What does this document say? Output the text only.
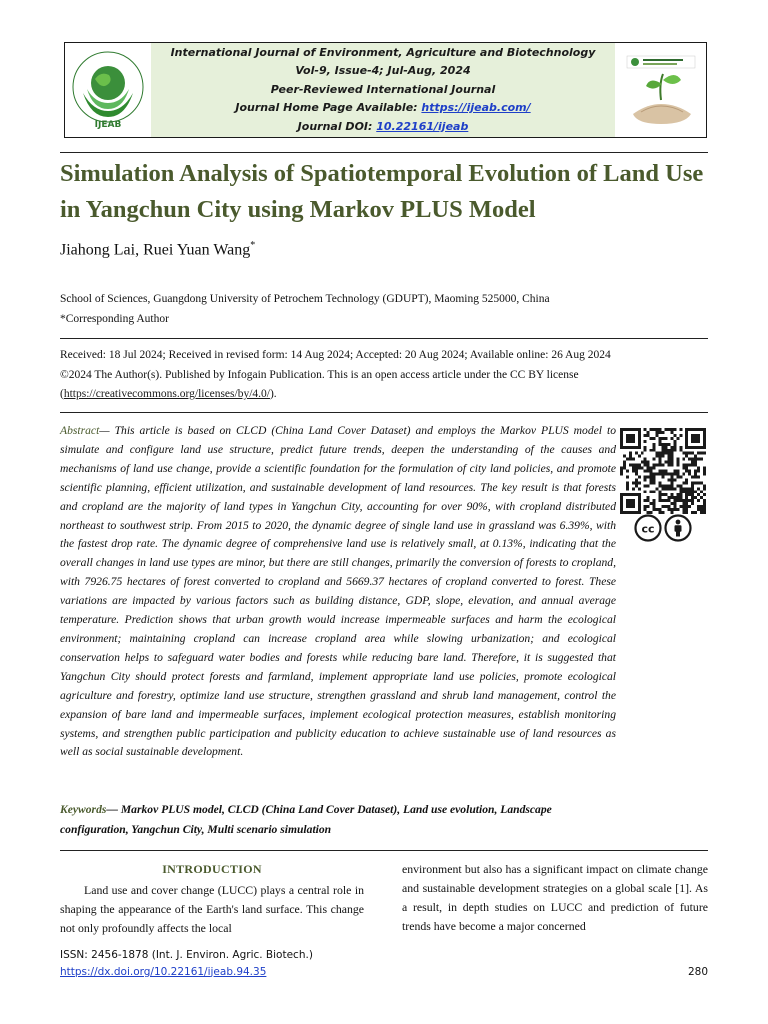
IJEAB
International Journal of Environment, Agriculture and Biotechnology
Vol-9, Issue-4; Jul-Aug, 2024
Peer-Reviewed International Journal
Journal Home Page Available: https://ijeab.com/
Journal DOI: 10.22161/ijeab
Simulation Analysis of Spatiotemporal Evolution of Land Use in Yangchun City using Markov PLUS Model
Jiahong Lai, Ruei Yuan Wang*
School of Sciences, Guangdong University of Petrochem Technology (GDUPT), Maoming 525000, China
*Corresponding Author
Received: 18 Jul 2024; Received in revised form: 14 Aug 2024; Accepted: 20 Aug 2024; Available online: 26 Aug 2024
©2024 The Author(s). Published by Infogain Publication. This is an open access article under the CC BY license
(https://creativecommons.org/licenses/by/4.0/).
Abstract— This article is based on CLCD (China Land Cover Dataset) and employs the Markov PLUS model to simulate and configure land use structure, predict future trends, deepen the understanding of the causes and mechanisms of land use change, provide a scientific foundation for the formulation of city land policies, and promote scientific planning, efficient utilization, and sustainable development of land resources. The key result is that forests and cropland are the majority of land types in Yangchun City, accounting for over 90%, with cropland distributed northeast to southwest strip. From 2015 to 2020, the dynamic degree of single land use in grassland was 6.39%, with the fastest drop rate. The dynamic degree of comprehensive land use is relatively small, at 0.13%, indicating that the overall changes in land use types are minor, but there are still changes, primarily the conversion of forests to cropland, with 7926.75 hectares of forest converted to cropland and 5669.37 hectares of cropland converted to forest. These variations are impacted by various factors such as building distance, GDP, slope, elevation, and annual average temperature. Prediction shows that urban growth would increase impermeable surfaces and harm the ecological environment; maintaining cropland can increase cropland area while slowing urbanization; and ecological conservation helps to safeguard water bodies and forests while reducing bare land. Therefore, it is suggested that Yangchun City should protect forests and farmland, implement appropriate land use policies, promote ecological agriculture and forestry, optimize land use structure, strengthen grassland and shrub land management, control the expansion of bare land and impermeable surfaces, implement ecological protection measures, establish monitoring systems, and strengthen public participation and publicity education to achieve sustainable use of land resources as well as social sustainable development.
Keywords— Markov PLUS model, CLCD (China Land Cover Dataset), Land use evolution, Landscape configuration, Yangchun City, Multi scenario simulation
cc
INTRODUCTION

Land use and cover change (LUCC) plays a central role in shaping the appearance of the Earth's land surface. This change not only profoundly affects the local

environment but also has a significant impact on climate change and sustainable development strategies on a global scale [1]. As a result, in depth studies on LUCC and prediction of future trends have become a major concerned

ISSN: 2456-1878 (Int. J. Environ. Agric. Biotech.)
https://dx.doi.org/10.22161/ijeab.94.35	280
